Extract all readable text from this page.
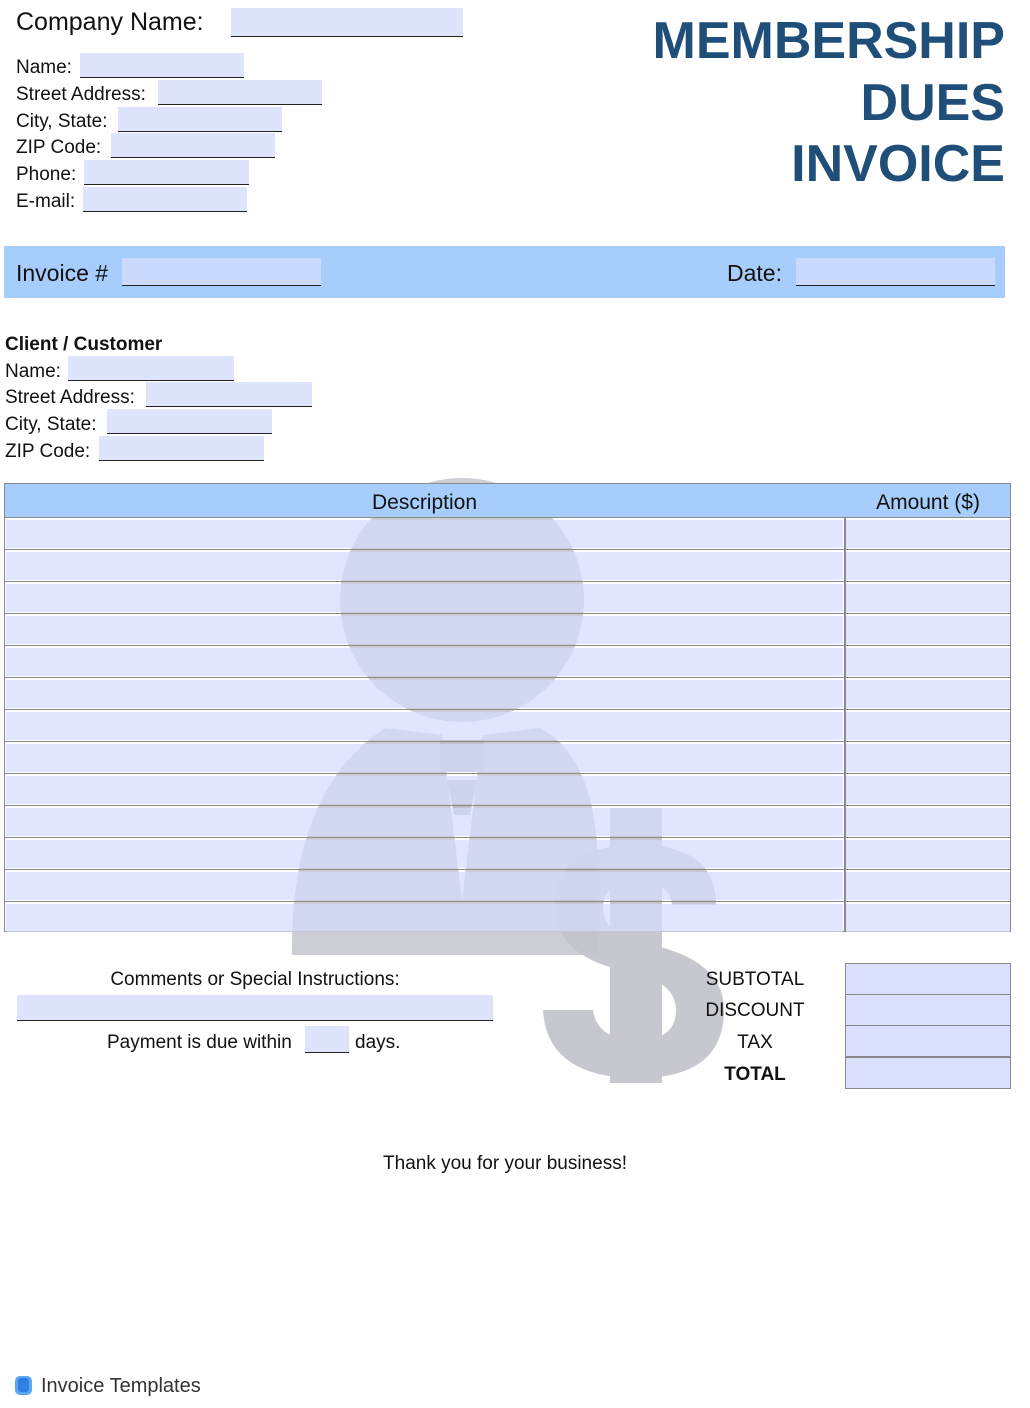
Company Name:
Name:
Street Address:
City, State:
ZIP Code:
Phone:
E-mail:
MEMBERSHIP
DUES
INVOICE
Invoice #	Date:
Client / Customer
Name:
Street Address:
City, State:
ZIP Code:
Description	Amount ($)
Comments or Special Instructions:
Payment is due within	days.
SUBTOTAL
DISCOUNT
TAX
TOTAL
Thank you for your business!
Invoice Templates
